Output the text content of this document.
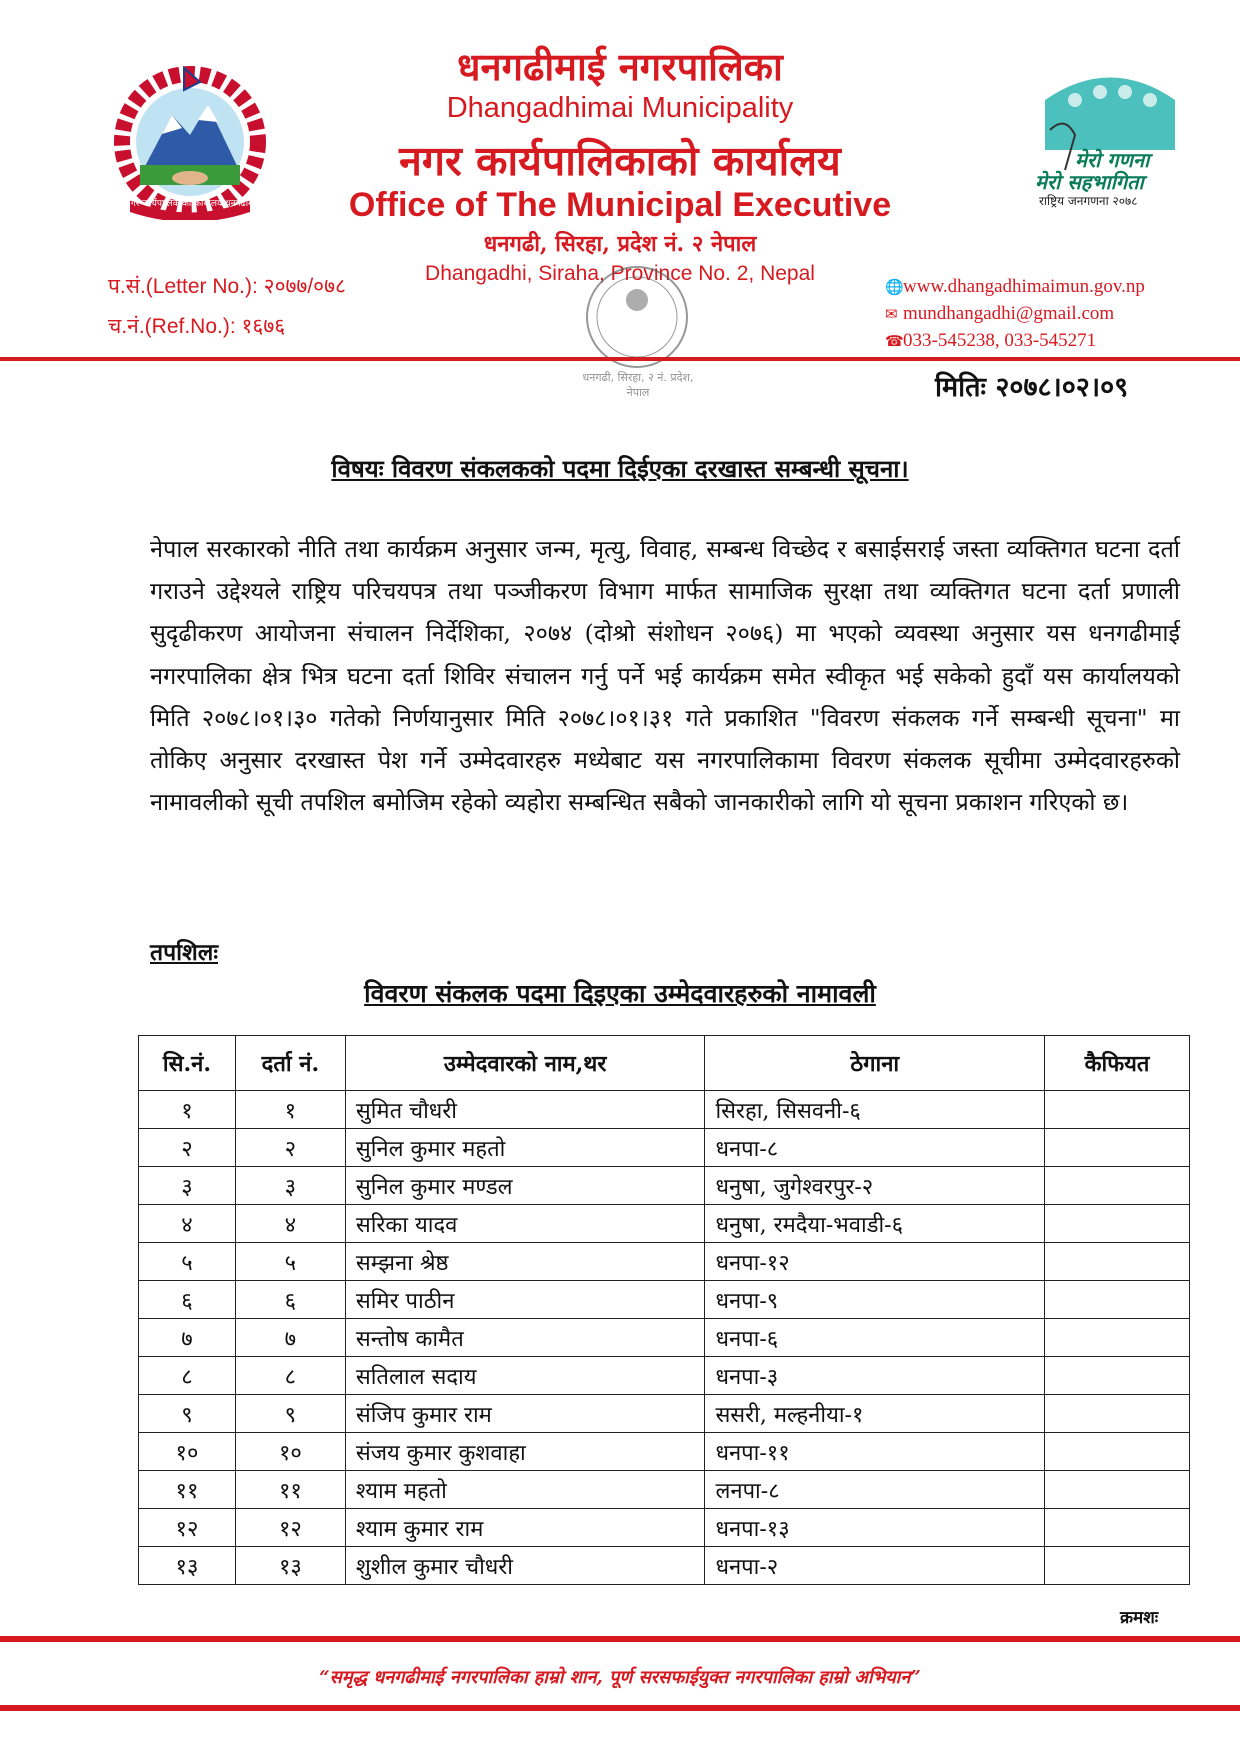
नगर कार्यपालिकाको कार्यालय धनगढीमाई
मेरो गणना
मेरो सहभागिता
राष्ट्रिय जनगणना २०७८
धनगढीमाई नगरपालिका
Dhangadhimai Municipality
नगर कार्यपालिकाको कार्यालय
Office of The Municipal Executive
धनगढी, सिरहा, प्रदेश नं. २ नेपाल
Dhangadhi, Siraha, Province No. 2, Nepal
प.सं.(Letter No.): २०७७/०७८
च.नं.(Ref.No.): १६७६
धनगढी, सिरहा, २ नं. प्रदेश, नेपाल
🌐www.dhangadhimaimun.gov.np
✉ mundhangadhi@gmail.com
☎033-545238, 033-545271
मितिः २०७८।०२।०९
विषयः विवरण संकलकको पदमा दिईएका दरखास्त सम्बन्धी सूचना।
नेपाल सरकारको नीति तथा कार्यक्रम अनुसार जन्म, मृत्यु, विवाह, सम्बन्ध विच्छेद र बसाईसराई जस्ता व्यक्तिगत घटना दर्ता गराउने उद्देश्यले राष्ट्रिय परिचयपत्र तथा पञ्जीकरण विभाग मार्फत सामाजिक सुरक्षा तथा व्यक्तिगत घटना दर्ता प्रणाली सुदृढीकरण आयोजना संचालन निर्देशिका, २०७४ (दोश्रो संशोधन २०७६) मा भएको व्यवस्था अनुसार यस धनगढीमाई नगरपालिका क्षेत्र भित्र घटना दर्ता शिविर संचालन गर्नु पर्ने भई कार्यक्रम समेत स्वीकृत भई सकेको हुदाँ यस कार्यालयको मिति २०७८।०१।३० गतेको निर्णयानुसार मिति २०७८।०१।३१ गते प्रकाशित "विवरण संकलक गर्ने सम्बन्धी सूचना" मा तोकिए अनुसार दरखास्त पेश गर्ने उम्मेदवारहरु मध्येबाट यस नगरपालिकामा विवरण संकलक सूचीमा उम्मेदवारहरुको नामावलीको सूची तपशिल बमोजिम रहेको व्यहोरा सम्बन्धित सबैको जानकारीको लागि यो सूचना प्रकाशन गरिएको छ।
तपशिलः
विवरण संकलक पदमा दिइएका उम्मेदवारहरुको नामावली
सि.नं.	दर्ता नं.	उम्मेदवारको नाम,थर	ठेगाना	कैफियत
१	१	सुमित चौधरी	सिरहा, सिसवनी-६	
२	२	सुनिल कुमार महतो	धनपा-८	
३	३	सुनिल कुमार मण्डल	धनुषा, जुगेश्वरपुर-२	
४	४	सरिका यादव	धनुषा, रमदैया-भवाडी-६	
५	५	सम्झना श्रेष्ठ	धनपा-१२	
६	६	समिर पाठीन	धनपा-९	
७	७	सन्तोष कामैत	धनपा-६	
८	८	सतिलाल सदाय	धनपा-३	
९	९	संजिप कुमार राम	ससरी, मल्हनीया-१	
१०	१०	संजय कुमार कुशवाहा	धनपा-११	
११	११	श्याम महतो	लनपा-८	
१२	१२	श्याम कुमार राम	धनपा-१३	
१३	१३	शुशील कुमार चौधरी	धनपा-२	
क्रमशः
“समृद्ध धनगढीमाई नगरपालिका हाम्रो शान, पूर्ण सरसफाईयुक्त नगरपालिका हाम्रो अभियान”
